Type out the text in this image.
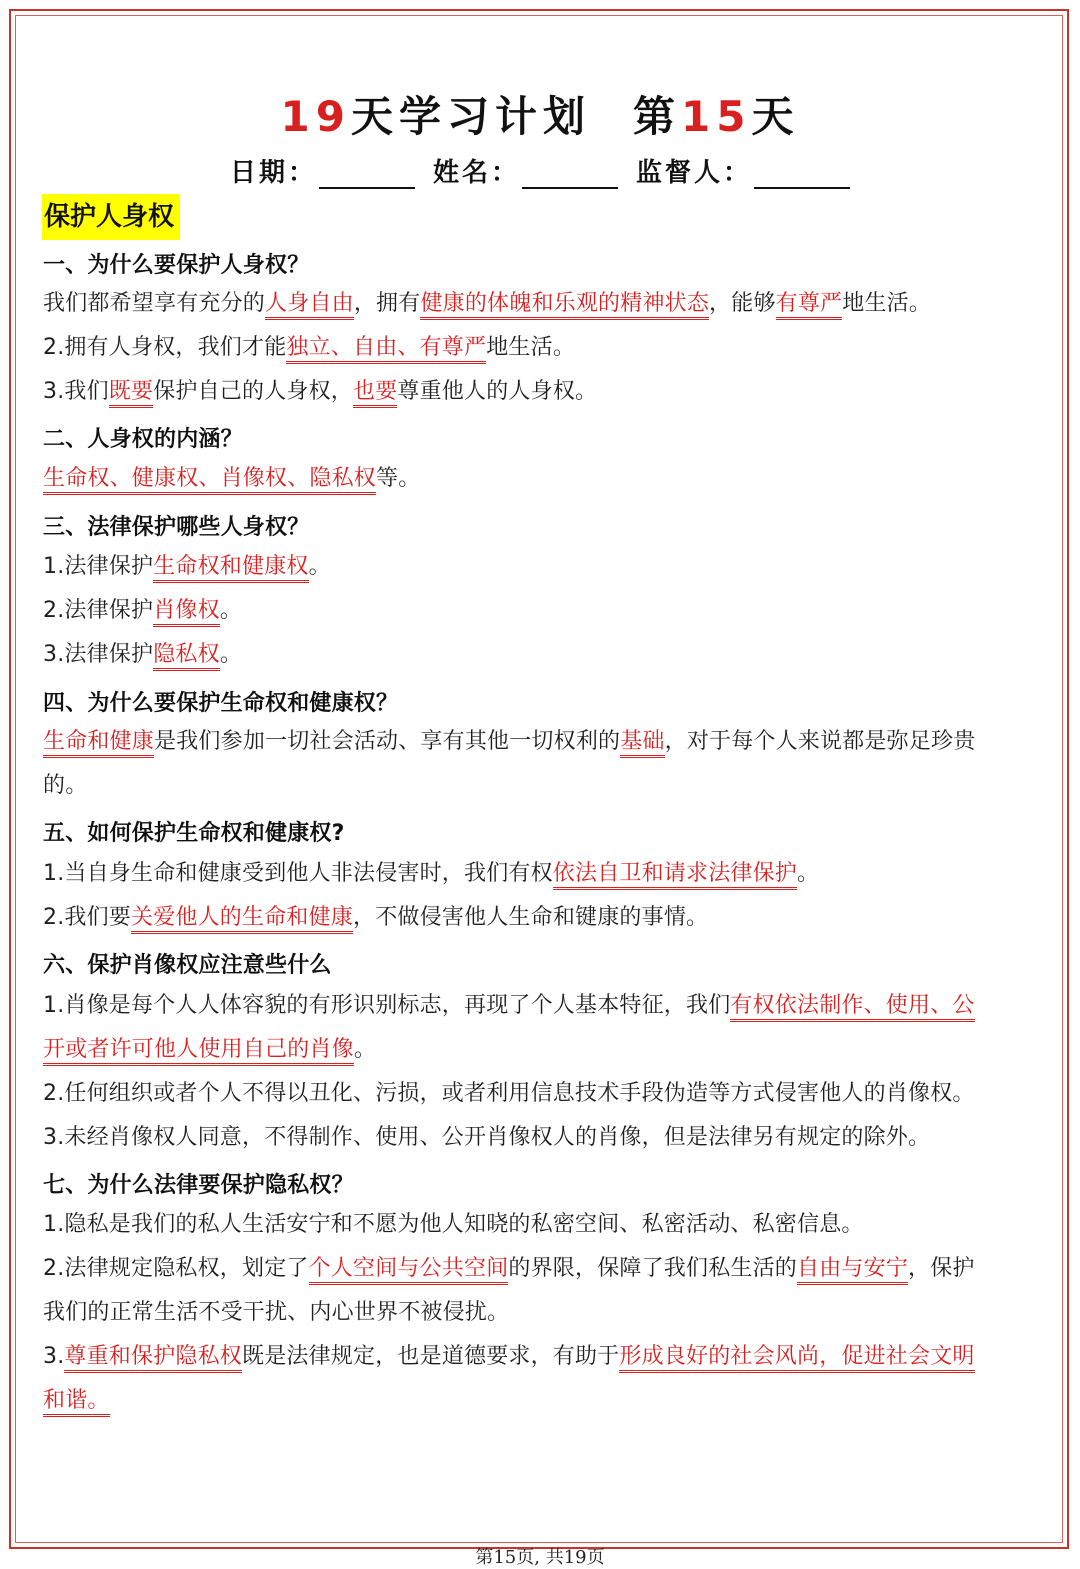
19天学习计划 第15天
日期：	姓名：	监督人：
保护人身权
一、为什么要保护人身权？
我们都希望享有充分的人身自由，拥有健康的体魄和乐观的精神状态，能够有尊严地生活。
2.拥有人身权，我们才能独立、自由、有尊严地生活。
3.我们既要保护自己的人身权，也要尊重他人的人身权。
二、人身权的内涵？
生命权、健康权、肖像权、隐私权等。
三、法律保护哪些人身权？
1.法律保护生命权和健康权。
2.法律保护肖像权。
3.法律保护隐私权。
四、为什么要保护生命权和健康权？
生命和健康是我们参加一切社会活动、享有其他一切权利的基础，对于每个人来说都是弥足珍贵
的。
五、如何保护生命权和健康权?
1.当自身生命和健康受到他人非法侵害时，我们有权依法自卫和请求法律保护。
2.我们要关爱他人的生命和健康，不做侵害他人生命和键康的事情。
六、保护肖像权应注意些什么
1.肖像是每个人人体容貌的有形识别标志，再现了个人基本特征，我们有权依法制作、使用、公
开或者许可他人使用自己的肖像。
2.任何组织或者个人不得以丑化、污损，或者利用信息技术手段伪造等方式侵害他人的肖像权。
3.未经肖像权人同意，不得制作、使用、公开肖像权人的肖像，但是法律另有规定的除外。
七、为什么法律要保护隐私权？
1.隐私是我们的私人生活安宁和不愿为他人知晓的私密空间、私密活动、私密信息。
2.法律规定隐私权，划定了个人空间与公共空间的界限，保障了我们私生活的自由与安宁，保护
我们的正常生活不受干扰、内心世界不被侵扰。
3.尊重和保护隐私权既是法律规定，也是道德要求，有助于形成良好的社会风尚，促进社会文明
和谐。
第15页, 共19页
